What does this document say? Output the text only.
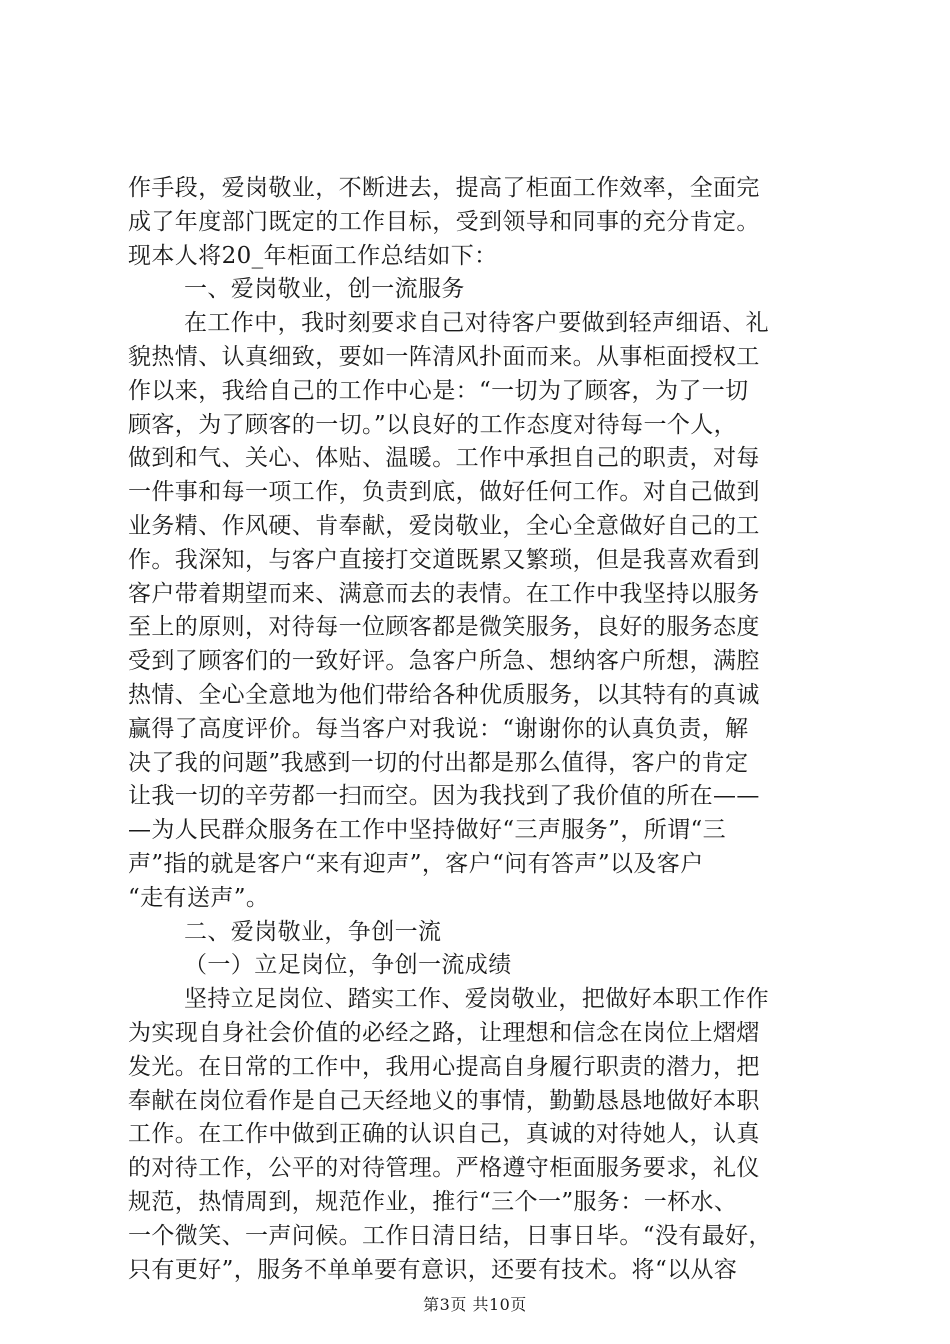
作手段，爱岗敬业，不断进去，提高了柜面工作效率，全面完
成了年度部门既定的工作目标，受到领导和同事的充分肯定。
现本人将20_年柜面工作总结如下：
一、爱岗敬业，创一流服务
在工作中，我时刻要求自己对待客户要做到轻声细语、礼
貌热情、认真细致，要如一阵清风扑面而来。从事柜面授权工
作以来，我给自己的工作中心是：“一切为了顾客，为了一切
顾客，为了顾客的一切。”以良好的工作态度对待每一个人，
做到和气、关心、体贴、温暖。工作中承担自己的职责，对每
一件事和每一项工作，负责到底，做好任何工作。对自己做到
业务精、作风硬、肯奉献，爱岗敬业，全心全意做好自己的工
作。我深知，与客户直接打交道既累又繁琐，但是我喜欢看到
客户带着期望而来、满意而去的表情。在工作中我坚持以服务
至上的原则，对待每一位顾客都是微笑服务，良好的服务态度
受到了顾客们的一致好评。急客户所急、想纳客户所想，满腔
热情、全心全意地为他们带给各种优质服务，以其特有的真诚
赢得了高度评价。每当客户对我说：“谢谢你的认真负责，解
决了我的问题”我感到一切的付出都是那么值得，客户的肯定
让我一切的辛劳都一扫而空。因为我找到了我价值的所在——
—为人民群众服务在工作中坚持做好“三声服务”，所谓“三
声”指的就是客户“来有迎声”，客户“问有答声”以及客户
“走有送声”。
二、爱岗敬业，争创一流
（一）立足岗位，争创一流成绩
坚持立足岗位、踏实工作、爱岗敬业，把做好本职工作作
为实现自身社会价值的必经之路，让理想和信念在岗位上熠熠
发光。在日常的工作中，我用心提高自身履行职责的潜力，把
奉献在岗位看作是自己天经地义的事情，勤勤恳恳地做好本职
工作。在工作中做到正确的认识自己，真诚的对待她人，认真
的对待工作，公平的对待管理。严格遵守柜面服务要求，礼仪
规范，热情周到，规范作业，推行“三个一”服务：一杯水、
一个微笑、一声问候。工作日清日结，日事日毕。“没有最好，
只有更好”，服务不单单要有意识，还要有技术。将“以从容
第3页 共10页
